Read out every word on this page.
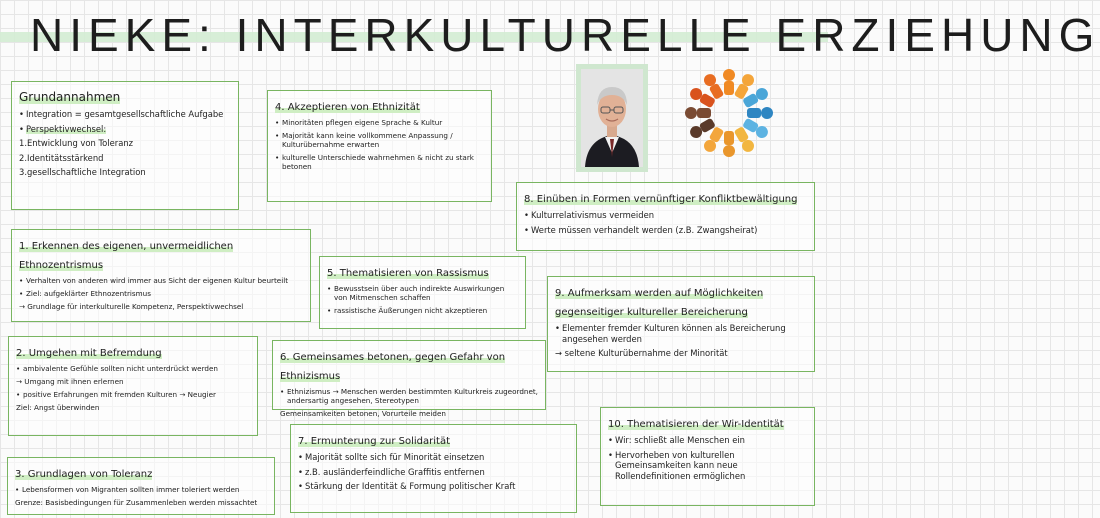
NIEKE: INTERKULTURELLE ERZIEHUNG
Grundannahmen
• Integration = gesamtgesellschaftliche Aufgabe
• Perspektivwechsel:
1.Entwicklung von Toleranz
2.Identitätsstärkend
3.gesellschaftliche Integration
1. Erkennen des eigenen, unvermeidlichen Ethnozentrismus
• Verhalten von anderen wird immer aus Sicht der eigenen Kultur beurteilt
• Ziel: aufgeklärter Ethnozentrismus
→ Grundlage für interkulturelle Kompetenz, Perspektivwechsel
2. Umgehen mit Befremdung
• ambivalente Gefühle sollten nicht unterdrückt werden
→ Umgang mit ihnen erlernen
• positive Erfahrungen mit fremden Kulturen → Neugier
Ziel: Angst überwinden
3. Grundlagen von Toleranz
• Lebensformen von Migranten sollten immer toleriert werden
Grenze: Basisbedingungen für Zusammenleben werden missachtet
4. Akzeptieren von Ethnizität
• Minoritäten pflegen eigene Sprache & Kultur
• Majorität kann keine vollkommene Anpassung / Kulturübernahme erwarten
• kulturelle Unterschiede wahrnehmen & nicht zu stark betonen
5. Thematisieren von Rassismus
• Bewusstsein über auch indirekte Auswirkungen von Mitmenschen schaffen
• rassistische Äußerungen nicht akzeptieren
6. Gemeinsames betonen, gegen Gefahr von Ethnizismus
• Ethnizismus → Menschen werden bestimmten Kulturkreis zugeordnet, andersartig angesehen, Stereotypen
Gemeinsamkeiten betonen, Vorurteile meiden
7. Ermunterung zur Solidarität
• Majorität sollte sich für Minorität einsetzen
• z.B. ausländerfeindliche Graffitis entfernen
• Stärkung der Identität & Formung politischer Kraft
8. Einüben in Formen vernünftiger Konfliktbewältigung
• Kulturrelativismus vermeiden
• Werte müssen verhandelt werden (z.B. Zwangsheirat)
9. Aufmerksam werden auf Möglichkeiten gegenseitiger kultureller Bereicherung
• Elementer fremder Kulturen können als Bereicherung angesehen werden
→ seltene Kulturübernahme der Minorität
10. Thematisieren der Wir-Identität
• Wir: schließt alle Menschen ein
• Hervorheben von kulturellen Gemeinsamkeiten kann neue Rollendefinitionen ermöglichen
